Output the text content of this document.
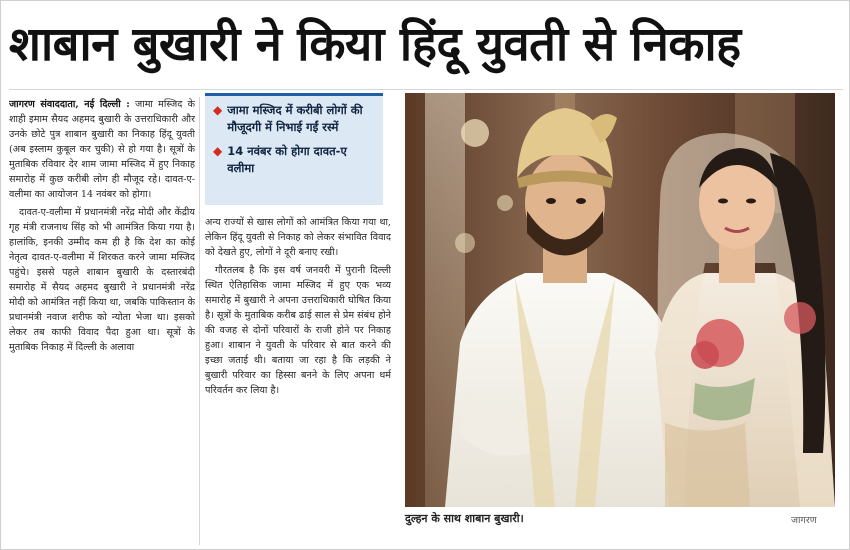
शाबान बुखारी ने किया हिंदू युवती से निकाह

जागरण संवाददाता, नई दिल्ली : जामा मस्जिद के शाही इमाम सैयद अहमद बुखारी के उत्तराधिकारी और उनके छोटे पुत्र शाबान बुखारी का निकाह हिंदू युवती (अब इस्लाम कुबूल कर चुकी) से हो गया है। सूत्रों के मुताबिक रविवार देर शाम जामा मस्जिद में हुए निकाह समारोह में कुछ करीबी लोग ही मौजूद रहे। दावत-ए-वलीमा का आयोजन 14 नवंबर को होगा।

दावत-ए-वलीमा में प्रधानमंत्री नरेंद्र मोदी और केंद्रीय गृह मंत्री राजनाथ सिंह को भी आमंत्रित किया गया है। हालांकि, इनकी उम्मीद कम ही है कि देश का कोई नेतृत्व दावत-ए-वलीमा में शिरकत करने जामा मस्जिद पहुंचे। इससे पहले शाबान बुखारी के दस्तारबंदी समारोह में सैयद अहमद बुखारी ने प्रधानमंत्री नरेंद्र मोदी को आमंत्रित नहीं किया था, जबकि पाकिस्तान के प्रधानमंत्री नवाज शरीफ को न्योता भेजा था। इसको लेकर तब काफी विवाद पैदा हुआ था। सूत्रों के मुताबिक निकाह में दिल्ली के अलावा

◆ जामा मस्जिद में करीबी लोगों की मौजूदगी में निभाई गईं रस्में
◆ 14 नवंबर को होगा दावत-ए वलीमा

अन्य राज्यों से खास लोगों को आमंत्रित किया गया था, लेकिन हिंदू युवती से निकाह को लेकर संभावित विवाद को देखते हुए, लोगों ने दूरी बनाए रखी।

गौरतलब है कि इस वर्ष जनवरी में पुरानी दिल्ली स्थित ऐतिहासिक जामा मस्जिद में हुए एक भव्य समारोह में बुखारी ने अपना उत्तराधिकारी घोषित किया है। सूत्रों के मुताबिक करीब ढाई साल से प्रेम संबंध होने की वजह से दोनों परिवारों के राजी होने पर निकाह हुआ। शाबान ने युवती के परिवार से बात करने की इच्छा जताई थी। बताया जा रहा है कि लड़की ने बुखारी परिवार का हिस्सा बनने के लिए अपना धर्म परिवर्तन कर लिया है।

दुल्हन के साथ शाबान बुखारी।	जागरण
